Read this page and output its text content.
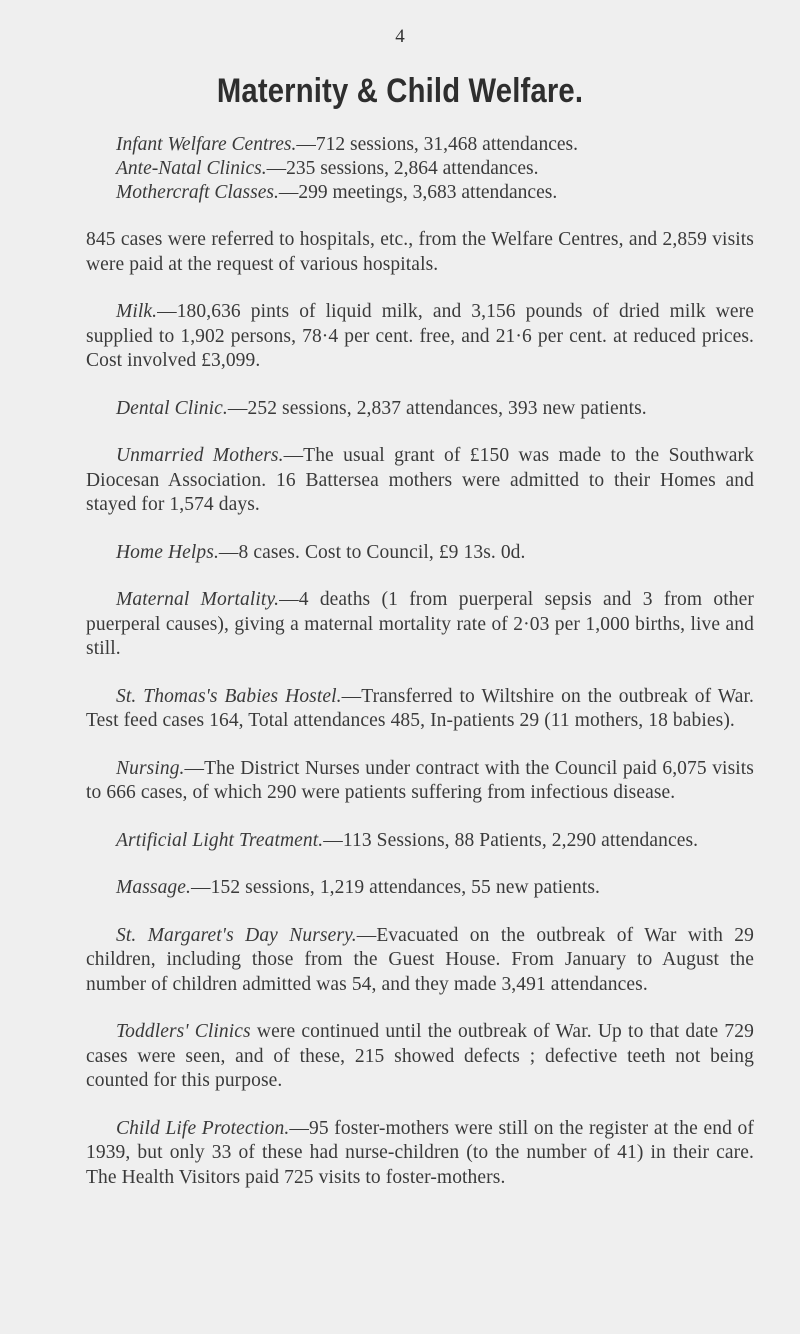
4
Maternity & Child Welfare.

Infant Welfare Centres.—712 sessions, 31,468 attendances.

Ante-Natal Clinics.—235 sessions, 2,864 attendances.

Mothercraft Classes.—299 meetings, 3,683 attendances.

845 cases were referred to hospitals, etc., from the Welfare Centres, and 2,859 visits were paid at the request of various hospitals.

Milk.—180,636 pints of liquid milk, and 3,156 pounds of dried milk were supplied to 1,902 persons, 78·4 per cent. free, and 21·6 per cent. at reduced prices. Cost involved £3,099.

Dental Clinic.—252 sessions, 2,837 attendances, 393 new patients.

Unmarried Mothers.—The usual grant of £150 was made to the Southwark Diocesan Association. 16 Battersea mothers were admitted to their Homes and stayed for 1,574 days.

Home Helps.—8 cases. Cost to Council, £9 13s. 0d.

Maternal Mortality.—4 deaths (1 from puerperal sepsis and 3 from other puerperal causes), giving a maternal mortality rate of 2·03 per 1,000 births, live and still.

St. Thomas's Babies Hostel.—Transferred to Wiltshire on the outbreak of War. Test feed cases 164, Total attendances 485, In-patients 29 (11 mothers, 18 babies).

Nursing.—The District Nurses under contract with the Council paid 6,075 visits to 666 cases, of which 290 were patients suffering from infectious disease.

Artificial Light Treatment.—113 Sessions, 88 Patients, 2,290 attendances.

Massage.—152 sessions, 1,219 attendances, 55 new patients.

St. Margaret's Day Nursery.—Evacuated on the outbreak of War with 29 children, including those from the Guest House. From January to August the number of children admitted was 54, and they made 3,491 attendances.

Toddlers' Clinics were continued until the outbreak of War. Up to that date 729 cases were seen, and of these, 215 showed defects ; defective teeth not being counted for this purpose.

Child Life Protection.—95 foster-mothers were still on the register at the end of 1939, but only 33 of these had nurse-children (to the number of 41) in their care. The Health Visitors paid 725 visits to foster-mothers.
